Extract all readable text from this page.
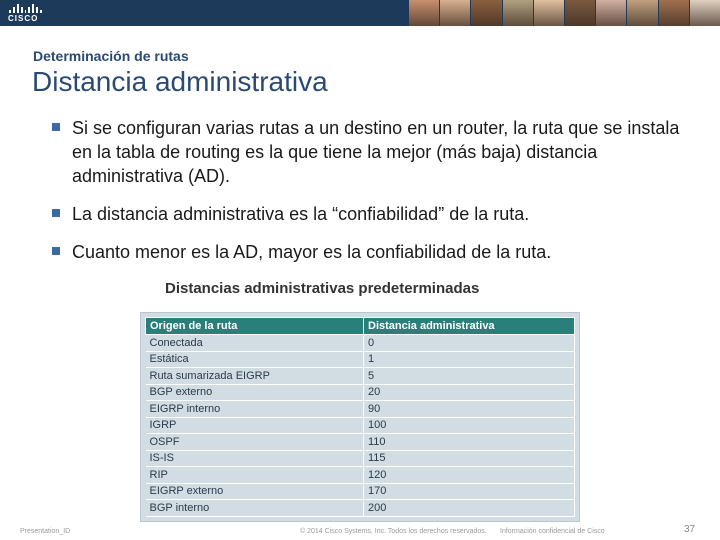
CISCO
Determinación de rutas
Distancia administrativa
Si se configuran varias rutas a un destino en un router, la ruta que se instala en la tabla de routing es la que tiene la mejor (más baja) distancia administrativa (AD).
La distancia administrativa es la “confiabilidad” de la ruta.
Cuanto menor es la AD, mayor es la confiabilidad de la ruta.
Distancias administrativas predeterminadas
Origen de la ruta	Distancia administrativa
Conectada	0
Estática	1
Ruta sumarizada EIGRP	5
BGP externo	20
EIGRP interno	90
IGRP	100
OSPF	110
IS-IS	115
RIP	120
EIGRP externo	170
BGP interno	200
Presentation_ID	© 2014 Cisco Systems, Inc. Todos los derechos reservados. Información confidencial de Cisco	37
